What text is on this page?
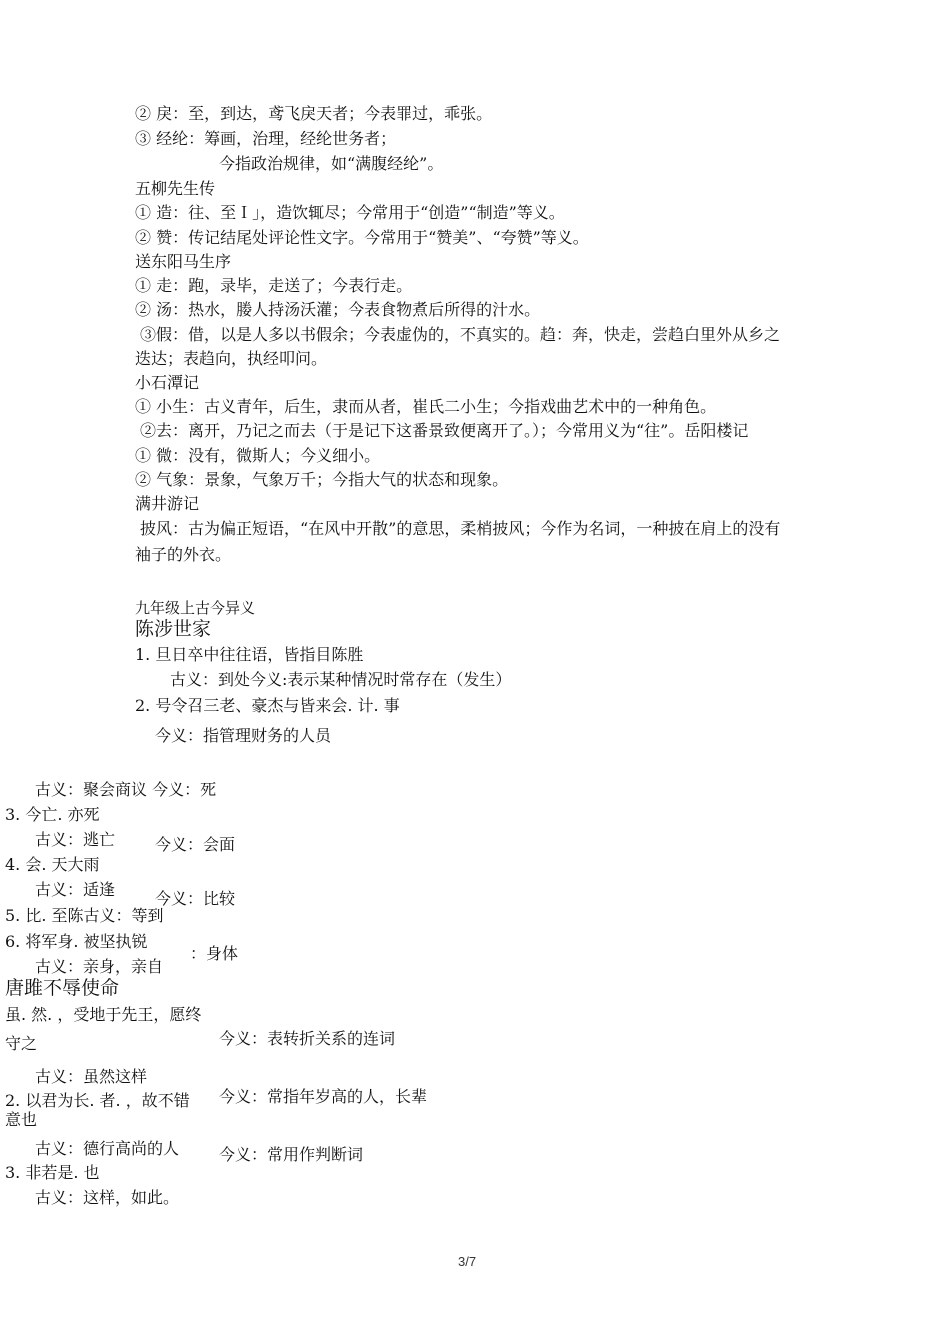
② 戾：至，到达，鸢飞戾天者；今表罪过，乖张。
③ 经纶：筹画，治理，经纶世务者；
今指政治规律，如“满腹经纶”。
五柳先生传
① 造：往、至Ｉ」，造饮辄尽；今常用于“创造”“制造”等义。
② 赞：传记结尾处评论性文字。今常用于“赞美”、“夸赞”等义。
送东阳马生序
① 走：跑，录毕，走送了；今表行走。
② 汤：热水，媵人持汤沃灌；今表食物煮后所得的汁水。
③假：借，以是人多以书假余；今表虚伪的，不真实的。趋：奔，快走，尝趋白里外从乡之
迭达；表趋向，执经叩问。
小石潭记
① 小生：古义青年，后生，隶而从者，崔氏二小生；今指戏曲艺术中的一种角色。
②去：离开，乃记之而去（于是记下这番景致便离开了。）；今常用义为“往”。岳阳楼记
① 微：没有，微斯人；今义细小。
② 气象：景象，气象万千；今指大气的状态和现象。
满井游记
披风：古为偏正短语，“在风中开散”的意思，柔梢披风；今作为名词，一种披在肩上的没有
袖子的外衣。
九年级上古今异义
陈涉世家
1. 旦日卒中往往语，皆指目陈胜
古义：到处今义:表示某种情况时常存在（发生）
2. 号令召三老、豪杰与皆来会. 计. 事
今义：指管理财务的人员
古义：聚会商议 今义：死
3. 今亡. 亦死
古义：逃亡 今义：会面
4. 会. 天大雨
古义：适逢 今义：比较
5. 比. 至陈古义：等到
6. 将军身. 被坚执锐
：身体
古义：亲身，亲自
唐雎不辱使命
虽. 然. ，受地于先王，愿终
今义：表转折关系的连词
守之
古义：虽然这样
今义：常指年岁高的人，长辈
2. 以君为长. 者. ，故不错
意也
古义：德行高尚的人 今义：常用作判断词
3. 非若是. 也
古义：这样，如此。
3/7
